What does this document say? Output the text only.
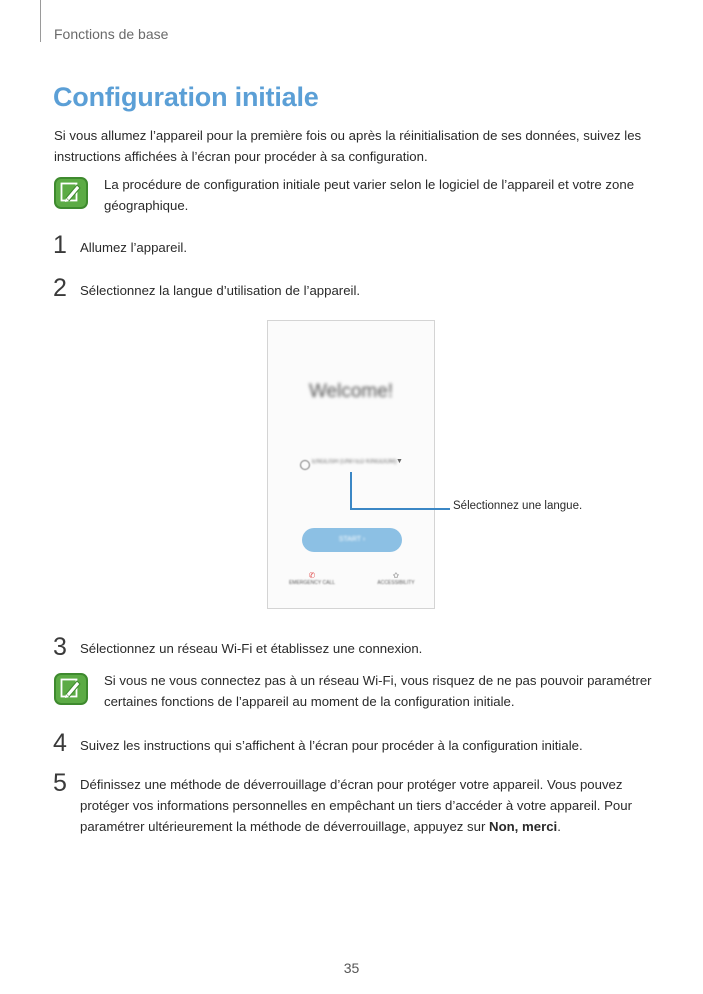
Fonctions de base
Configuration initiale
Si vous allumez l’appareil pour la première fois ou après la réinitialisation de ses données, suivez les instructions affichées à l’écran pour procéder à sa configuration.
La procédure de configuration initiale peut varier selon le logiciel de l’appareil et votre zone géographique.
1 Allumez l’appareil.
2 Sélectionnez la langue d’utilisation de l’appareil.
Welcome!
ENGLISH (UNITED KINGDOM) ▼
START ›
✆
EMERGENCY CALL
✩
ACCESSIBILITY
Sélectionnez une langue.
3 Sélectionnez un réseau Wi-Fi et établissez une connexion.
Si vous ne vous connectez pas à un réseau Wi-Fi, vous risquez de ne pas pouvoir paramétrer certaines fonctions de l’appareil au moment de la configuration initiale.
4 Suivez les instructions qui s’affichent à l’écran pour procéder à la configuration initiale.
5 Définissez une méthode de déverrouillage d’écran pour protéger votre appareil. Vous pouvez protéger vos informations personnelles en empêchant un tiers d’accéder à votre appareil. Pour paramétrer ultérieurement la méthode de déverrouillage, appuyez sur Non, merci.
35
